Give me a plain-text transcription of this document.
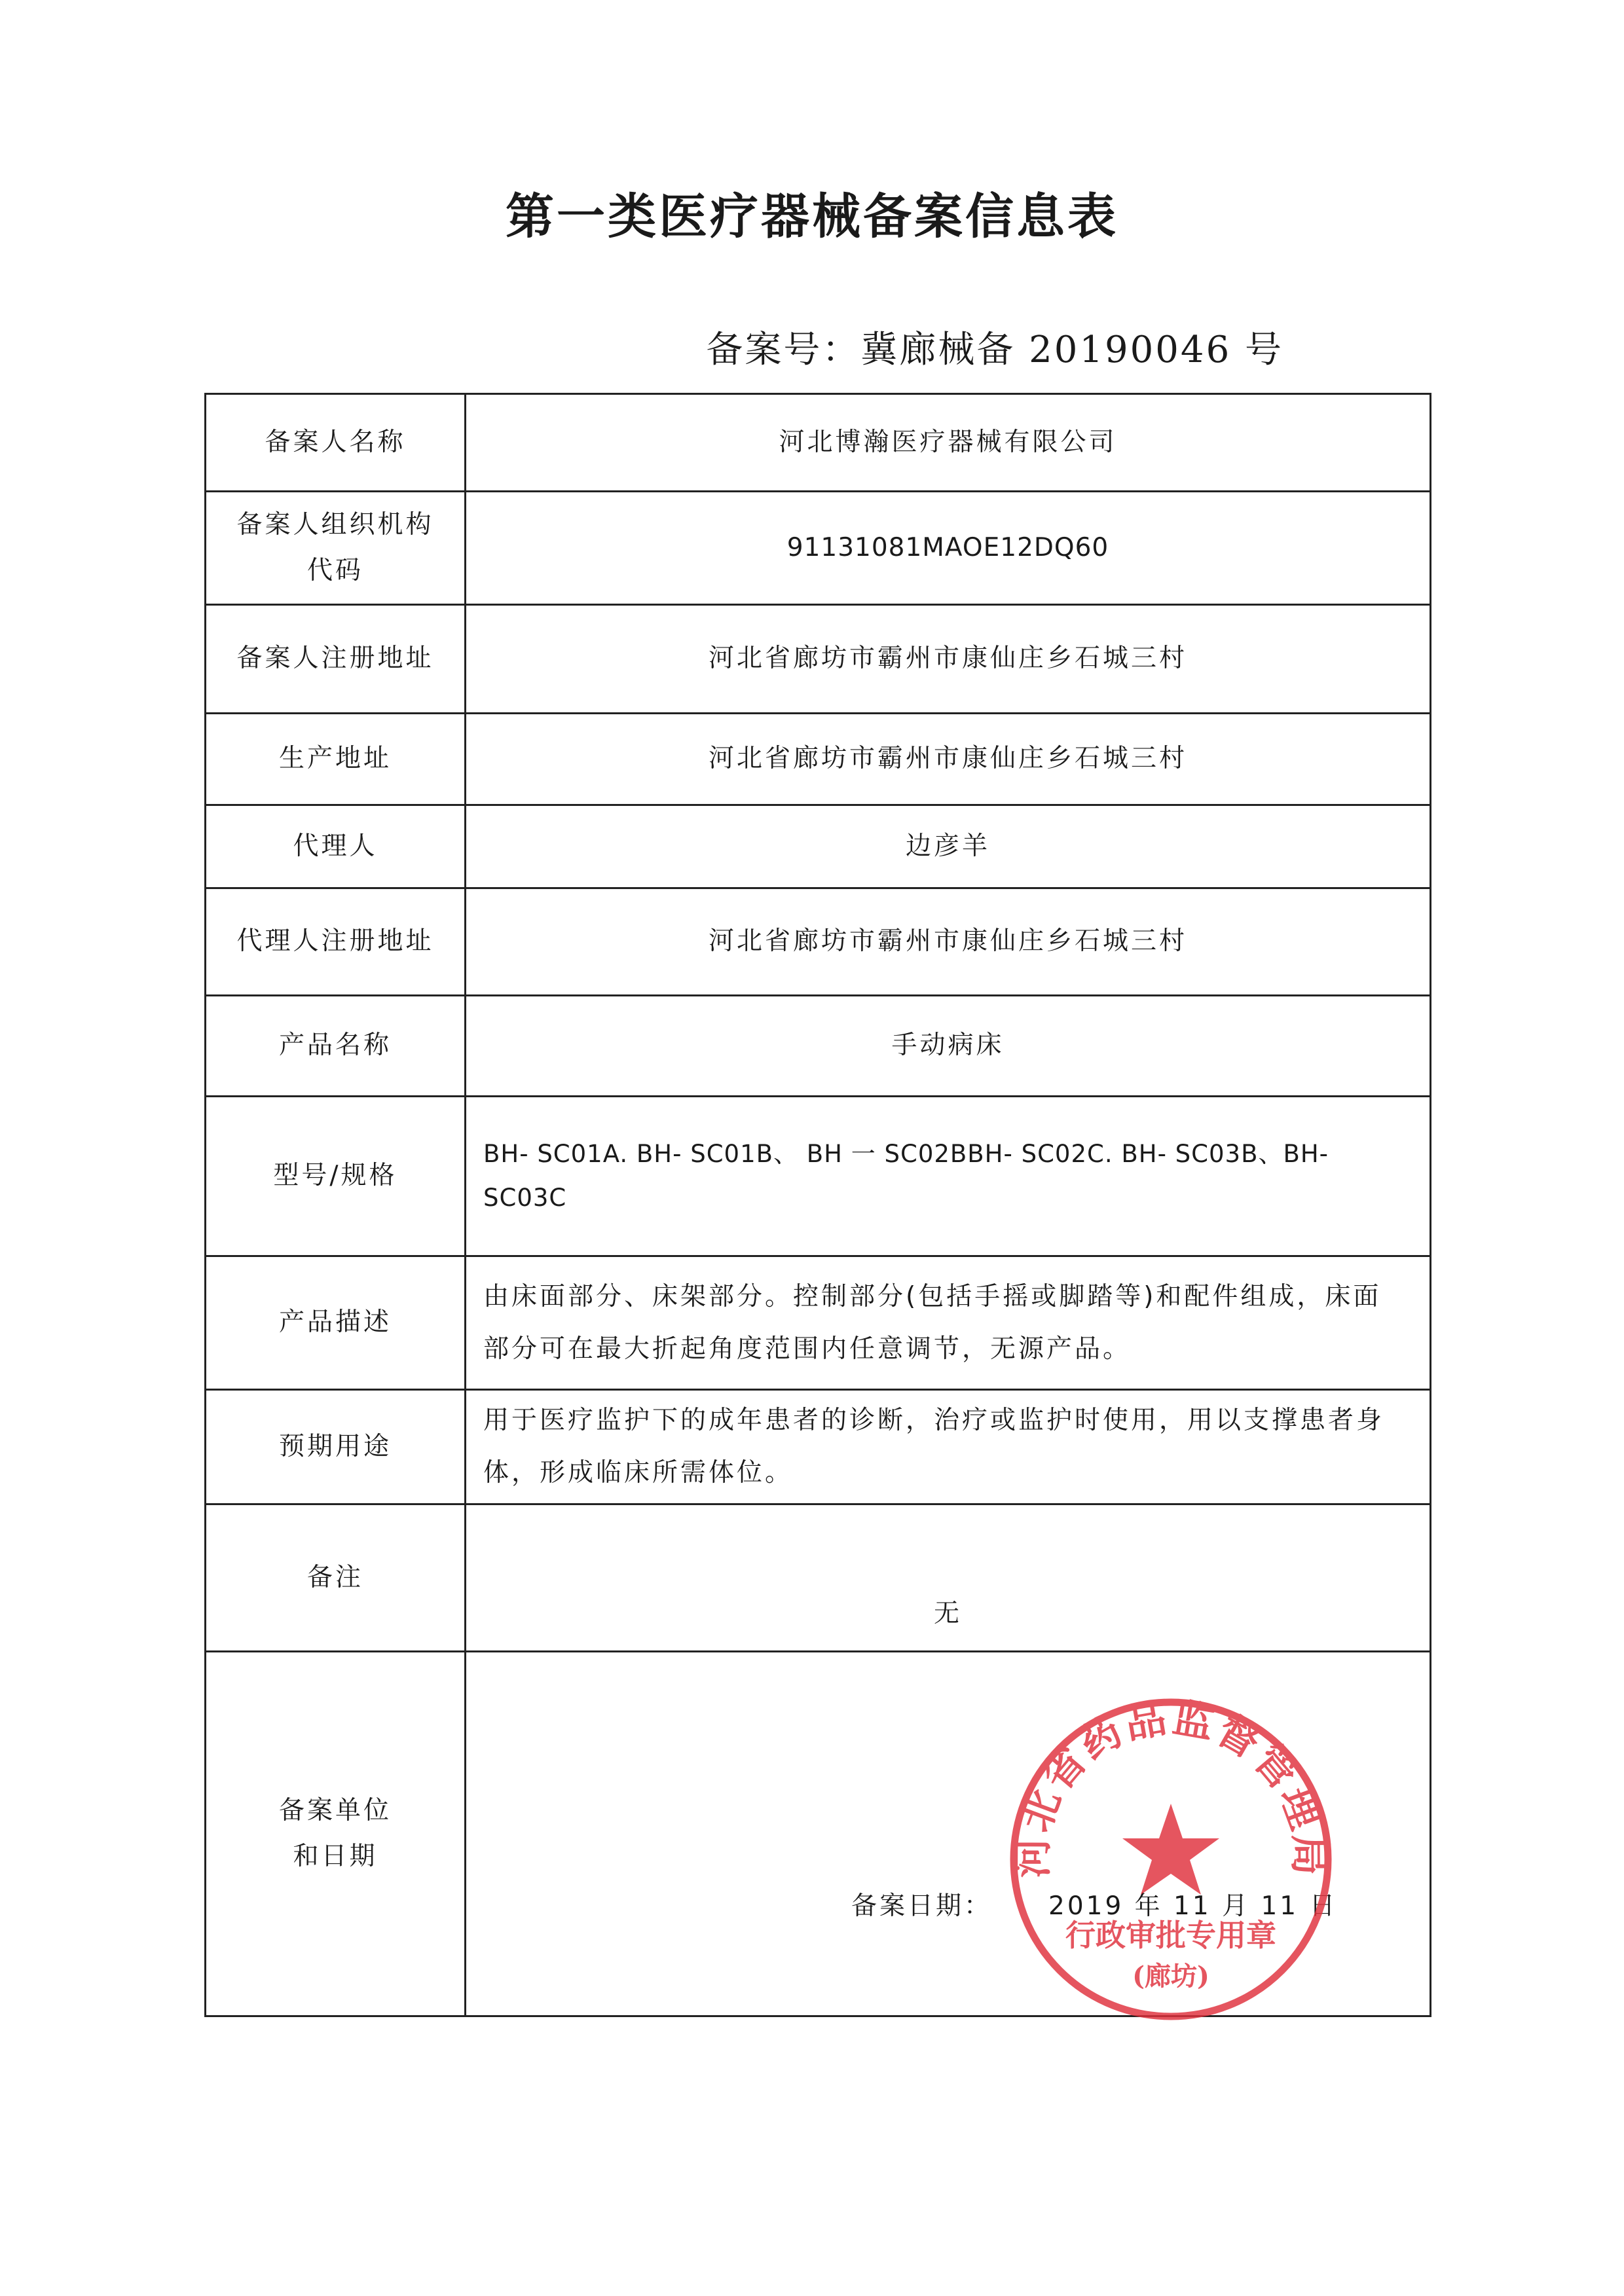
第一类医疗器械备案信息表
备案号：冀廊械备 20190046 号
备案人名称	河北博瀚医疗器械有限公司

备案人组织机构
代码	91131081MAOE12DQ60
备案人注册地址	河北省廊坊市霸州市康仙庄乡石城三村
生产地址	河北省廊坊市霸州市康仙庄乡石城三村
代理人	边彦羊
代理人注册地址	河北省廊坊市霸州市康仙庄乡石城三村
产品名称	手动病床
型号/规格	BH- SC01A. BH- SC01B、 BH 一 SC02BBH- SC02C. BH- SC03B、BH- SC03C
产品描述	由床面部分、床架部分。控制部分(包括手摇或脚踏等)和配件组成，床面部分可在最大折起角度范围内任意调节，无源产品。
预期用途	用于医疗监护下的成年患者的诊断，治疗或监护时使用，用以支撑患者身体，形成临床所需体位。
备注	无

备案单位
和日期	

备案日期： 2019 年 11 月 11 日
河北省药品监督管理局
行政审批专用章
(廊坊)
